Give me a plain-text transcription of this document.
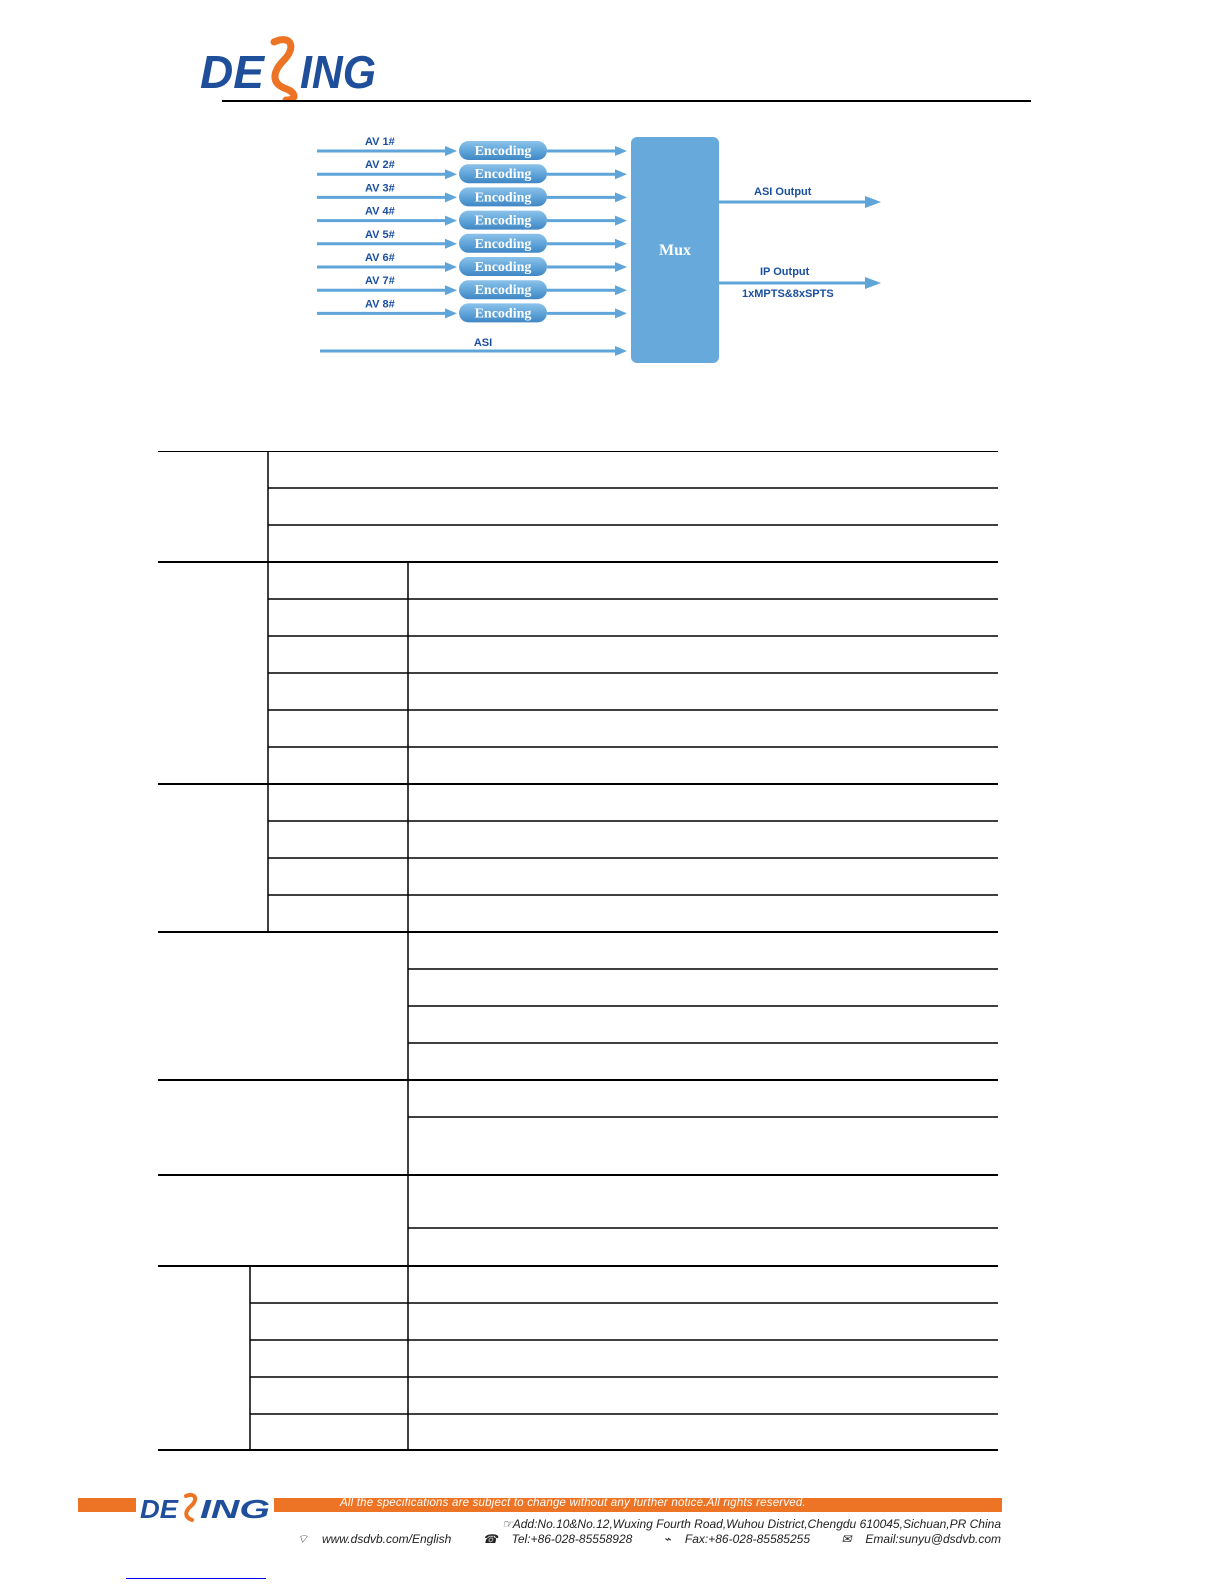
DE ING
AV 1#
Encoding
AV 2#
Encoding
AV 3#
Encoding
AV 4#
Encoding
AV 5#
Encoding
AV 6#
Encoding
AV 7#
Encoding
AV 8#
Encoding
ASI
Mux
ASI Output
IP Output
1xMPTS&8xSPTS
DE ING	All the specifications are subject to change without any further notice.All rights reserved.
☞Add:No.10&No.12,Wuxing Fourth Road,Wuhou District,Chengdu 610045,Sichuan,PR China
⌔ www.dsdvb.com/English	☎ Tel:+86-028-85558928	⌁ Fax:+86-028-85585255	✉ Email:sunyu@dsdvb.com
